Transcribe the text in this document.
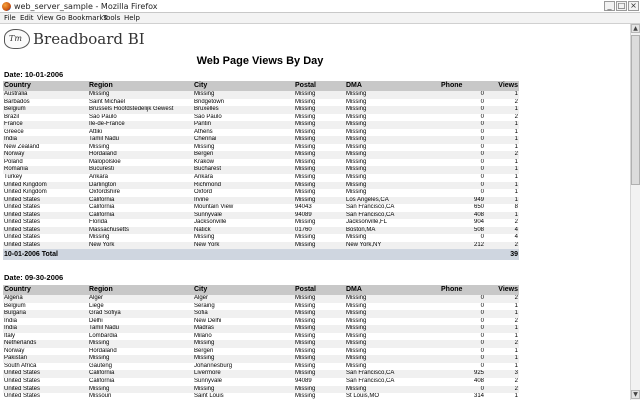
web_server_sample - Mozilla Firefox	_ □ ×
File Edit View Go Bookmarks
Tools Help
Tm Breadboard BI
Web Page Views By Day
Date: 10-01-2006
Country	Region	City	Postal	DMA	Phone	Views
Australia	Missing	Missing	Missing	Missing	0	1
Barbados	Saint Michael	Bridgetown	Missing	Missing	0	2
Belgium	Brussels Hoofdstedelijk Gewest	Bruxelles	Missing	Missing	0	1
Brazil	Sao Paulo	São Paulo	Missing	Missing	0	2
France	Ile-de-France	Pantin	Missing	Missing	0	1
Greece	Attiki	Athens	Missing	Missing	0	1
India	Tamil Nadu	Chennai	Missing	Missing	0	1
New Zealand	Missing	Missing	Missing	Missing	0	1
Norway	Hordaland	Bergen	Missing	Missing	0	2
Poland	Malopolskie	Krakow	Missing	Missing	0	1
Romania	Bucuresti	Bucharest	Missing	Missing	0	1
Turkey	Ankara	Ankara	Missing	Missing	0	1
United Kingdom	Darlington	Richmond	Missing	Missing	0	1
United Kingdom	Oxfordshire	Oxford	Missing	Missing	0	1
United States	California	Irvine	Missing	Los Angeles,CA	949	1
United States	California	Mountain View	94043	San Francisco,CA	650	8
United States	California	Sunnyvale	94089	San Francisco,CA	408	1
United States	Florida	Jacksonville	Missing	Jacksonville,FL	904	2
United States	Massachusetts	Natick	01760	Boston,MA	508	4
United States	Missing	Missing	Missing	Missing	0	4
United States	New York	New York	Missing	New York,NY	212	2
10-01-2006 Total						39
Date: 09-30-2006
Country	Region	City	Postal	DMA	Phone	Views
Algeria	Alger	Alger	Missing	Missing	0	2
Belgium	Liege	Seraing	Missing	Missing	0	1
Bulgaria	Grad Sofiya	Sofia	Missing	Missing	0	1
India	Delhi	New Delhi	Missing	Missing	0	2
India	Tamil Nadu	Madras	Missing	Missing	0	1
Italy	Lombardia	Milano	Missing	Missing	0	1
Netherlands	Missing	Missing	Missing	Missing	0	2
Norway	Hordaland	Bergen	Missing	Missing	0	1
Pakistan	Missing	Missing	Missing	Missing	0	1
South Africa	Gauteng	Johannesburg	Missing	Missing	0	1
United States	California	Livermore	Missing	San Francisco,CA	925	3
United States	California	Sunnyvale	94089	San Francisco,CA	408	2
United States	Missing	Missing	Missing	Missing	0	2
United States	Missouri	Saint Louis	Missing	St Louis,MO	314	1
▲
▼
